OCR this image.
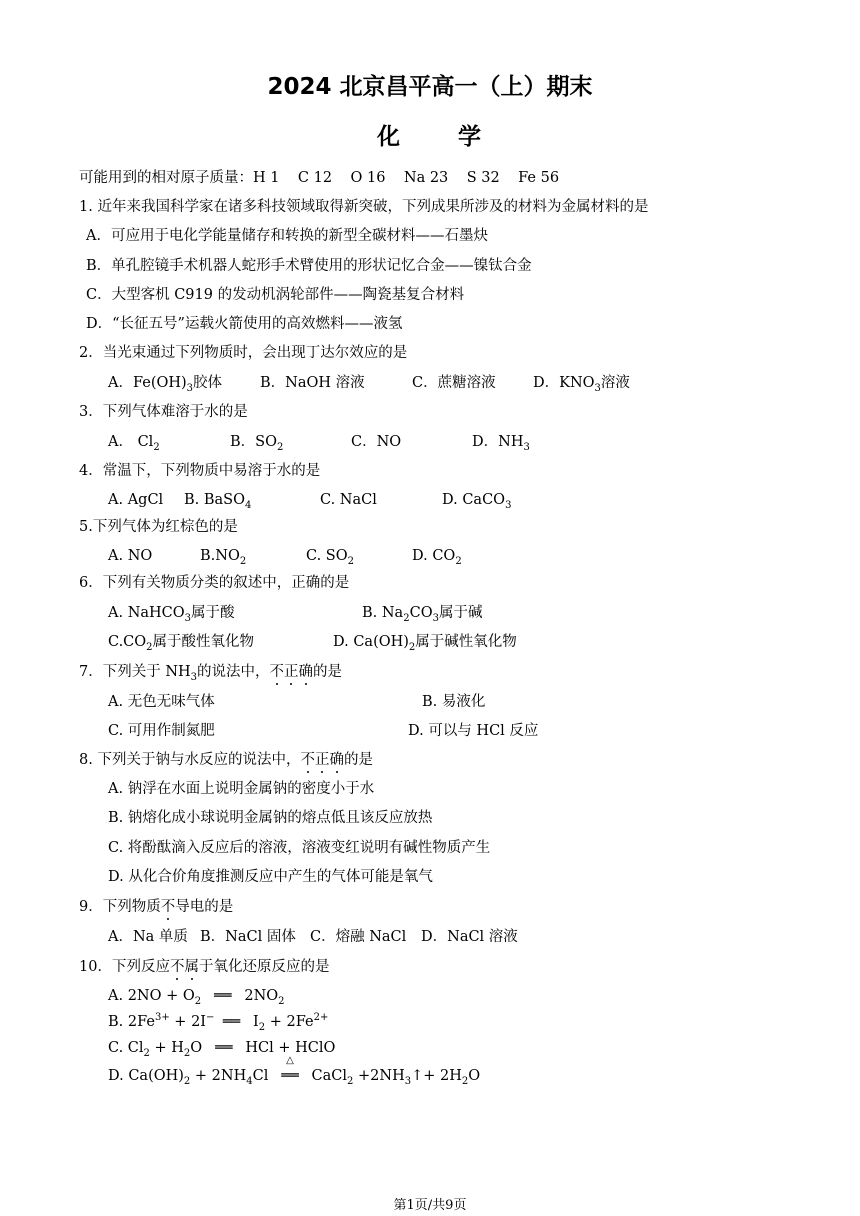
2024 北京昌平高一（上）期末
化 学
可能用到的相对原子质量：H 1    C 12    O 16    Na 23    S 32    Fe 56
1. 近年来我国科学家在诸多科技领域取得新突破，下列成果所涉及的材料为金属材料的是
A．可应用于电化学能量储存和转换的新型全碳材料——石墨炔
B．单孔腔镜手术机器人蛇形手术臂使用的形状记忆合金——镍钛合金
C．大型客机 C919 的发动机涡轮部件——陶瓷基复合材料
D．“长征五号”运载火箭使用的高效燃料——液氢
2．当光束通过下列物质时，会出现丁达尔效应的是
A．$Fe(OH)_3$胶体	B．NaOH 溶液	C．蔗糖溶液	D．$KNO_3$溶液
3．下列气体难溶于水的是
A． $Cl_2$	B．$SO_2$	C．NO	D．$NH_3$
4．常温下，下列物质中易溶于水的是
A. AgCl B. BaSO$_4$	C. NaCl	D. CaCO$_3$
5.下列气体为红棕色的是
A. NO	$B.NO_2$	C. $SO_2$	D. $CO_2$
6．下列有关物质分类的叙述中，正确的是
A. NaHCO$_3$属于酸	B. $Na_2CO_3$属于碱
$C.CO_2$属于酸性氧化物	D. $Ca(OH)_2$属于碱性氧化物
7．下列关于 $NH_3$的说法中，不正确的是
A. 无色无味气体	B. 易液化
C. 可用作制氮肥	D. 可以与 HCl 反应
8. 下列关于钠与水反应的说法中，不正确的是
A. 钠浮在水面上说明金属钠的密度小于水
B. 钠熔化成小球说明金属钠的熔点低且该反应放热
C. 将酚酞滴入反应后的溶液，溶液变红说明有碱性物质产生
D. 从化合价角度推测反应中产生的气体可能是氧气
9．下列物质不导电的是
A．Na 单质 B．NaCl 固体 C．熔融 NaCl D．NaCl 溶液
10．下列反应不属于氧化还原反应的是
A. $2NO + O_2$ ══ $2NO_2$
B. $2Fe^{3+} + 2I^-$ ══ $I_2 + 2Fe^{2+}$
C. $Cl_2 + H_2O$ ══ HCl + HClO
D. $Ca(OH)_2 + 2NH_4Cl$
△
══ CaCl$_2$ $+2NH_3↑+ 2H_2O$
第1页/共9页
